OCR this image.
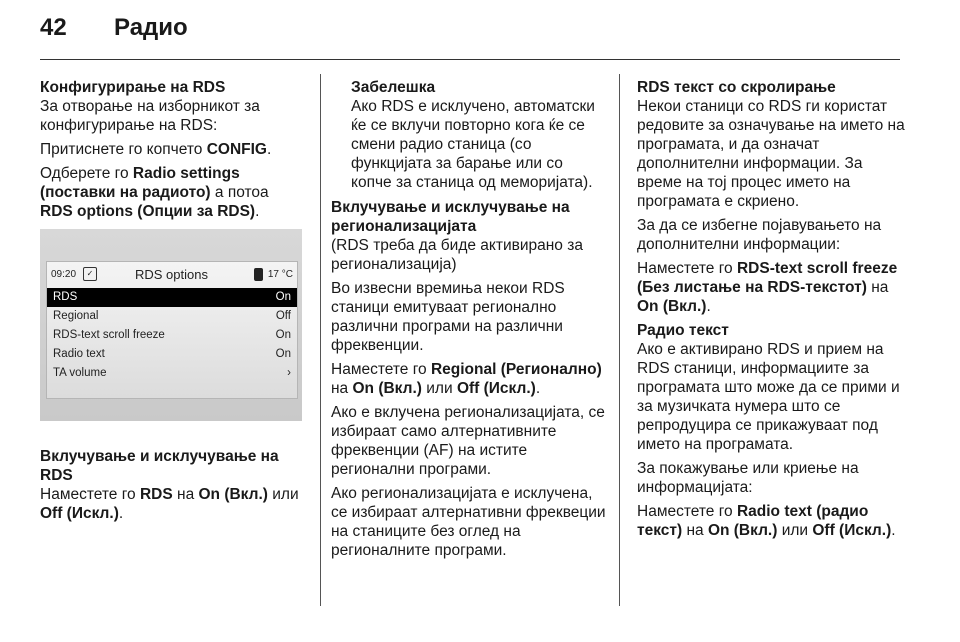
42	Радио

Конфигурирање на RDS

За отворање на изборникот за конфигурирање на RDS:

Притиснете го копчето CONFIG.

Одберете го Radio settings (поставки на радиото) а потоа RDS options (Опции за RDS).

09:20	✓	RDS options	17 °C
RDS	On
Regional	Off
RDS-text scroll freeze	On
Radio text	On
TA volume	›

Вклучување и исклучување на RDS

Наместете го RDS на On (Вкл.) или Off (Искл.).

Забелешка
Ако RDS е исклучено, автоматски ќе се вклучи повторно кога ќе се смени радио станица (со функцијата за барање или со копче за станица од меморијата).

Вклучување и исклучување на регионализацијата

(RDS треба да биде активирано за регионализација)

Во извесни времиња некои RDS станици емитуваат регионално различни програми на различни фреквенции.

Наместете го Regional (Регионално) на On (Вкл.) или Off (Искл.).

Ако е вклучена регионализацијата, се избираат само алтернативните фреквенции (AF) на истите регионални програми.

Ако регионализацијата е исклучена, се избираат алтернативни фреквеции на станиците без оглед на регионалните програми.

RDS текст со скролирање

Некои станици со RDS ги користат редовите за означување на името на програмата, и да означат дополнителни информации. За време на тој процес името на програмата е скриено.

За да се избегне појавувањето на дополнителни информации:

Наместете го RDS-text scroll freeze (Без листање на RDS-текстот) на On (Вкл.).

Радио текст

Ако е активирано RDS и прием на RDS станици, информациите за програмата што може да се прими и за музичката нумера што се репродуцира се прикажуваат под името на програмата.

За покажување или криење на информацијата:

Наместете го Radio text (радио текст) на On (Вкл.) или Off (Искл.).
